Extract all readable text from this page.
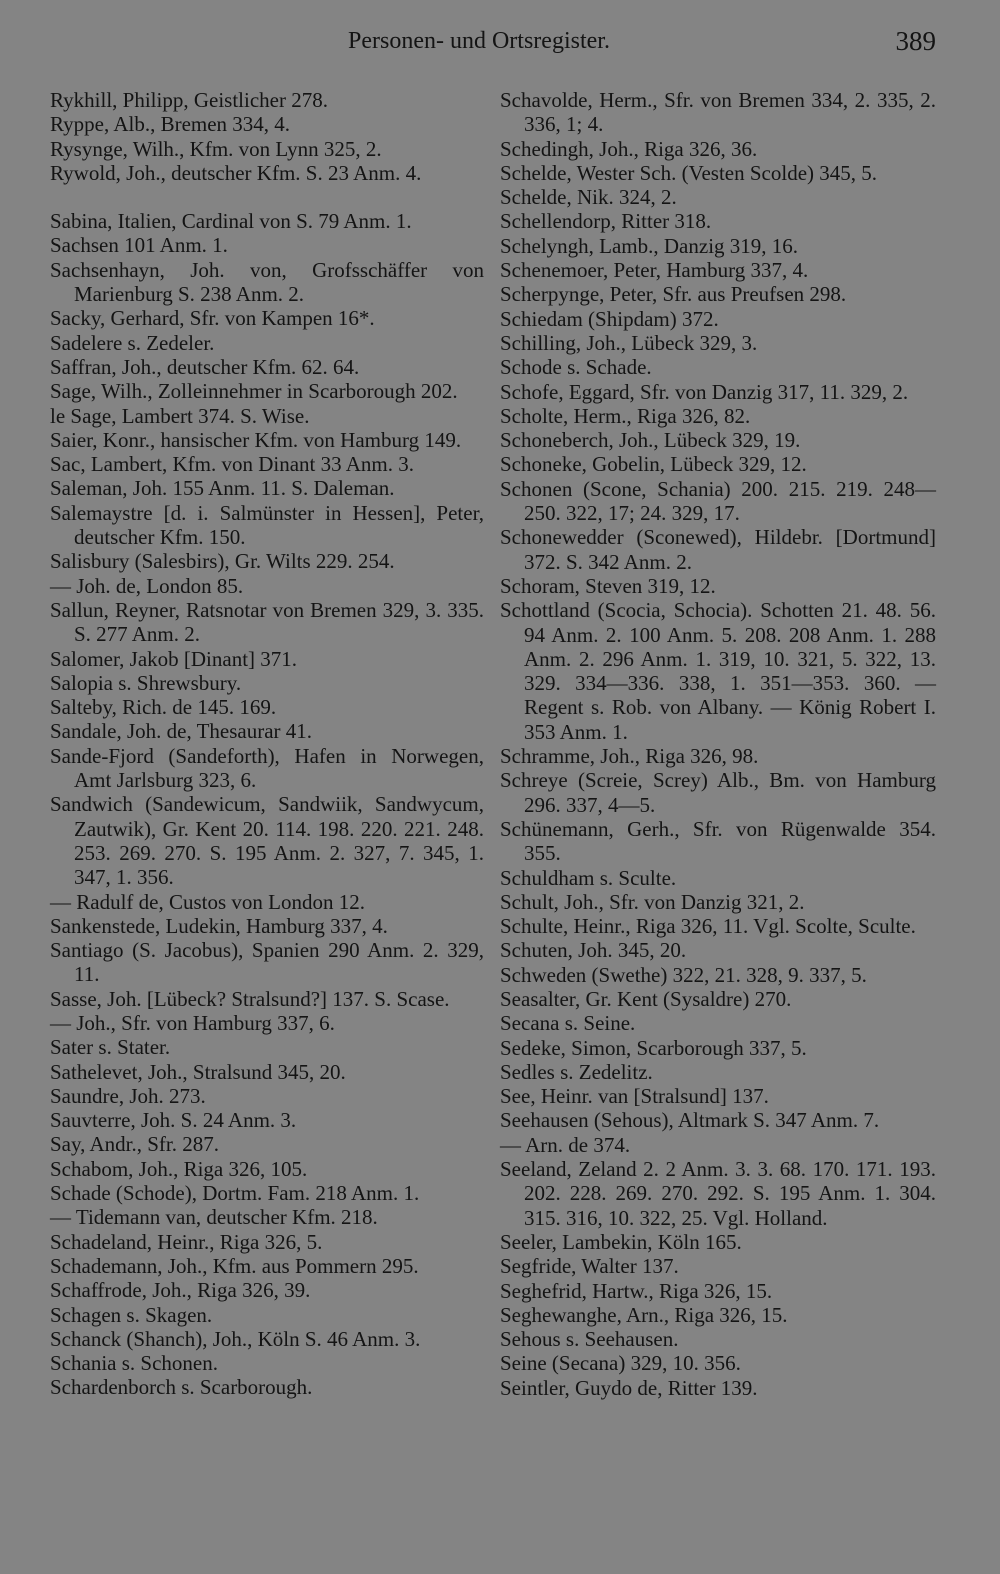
Personen- und Ortsregister.	389
Rykhill, Philipp, Geistlicher 278.
Ryppe, Alb., Bremen 334, 4.
Rysynge, Wilh., Kfm. von Lynn 325, 2.
Rywold, Joh., deutscher Kfm. S. 23 Anm. 4.
Sabina, Italien, Cardinal von S. 79 Anm. 1.
Sachsen 101 Anm. 1.
Sachsenhayn, Joh. von, Grofsschäffer von Marienburg S. 238 Anm. 2.
Sacky, Gerhard, Sfr. von Kampen 16*.
Sadelere s. Zedeler.
Saffran, Joh., deutscher Kfm. 62. 64.
Sage, Wilh., Zolleinnehmer in Scarborough 202.
le Sage, Lambert 374. S. Wise.
Saier, Konr., hansischer Kfm. von Hamburg 149.
Sac, Lambert, Kfm. von Dinant 33 Anm. 3.
Saleman, Joh. 155 Anm. 11. S. Daleman.
Salemaystre [d. i. Salmünster in Hessen], Peter, deutscher Kfm. 150.
Salisbury (Salesbirs), Gr. Wilts 229. 254.
— Joh. de, London 85.
Sallun, Reyner, Ratsnotar von Bremen 329, 3. 335. S. 277 Anm. 2.
Salomer, Jakob [Dinant] 371.
Salopia s. Shrewsbury.
Salteby, Rich. de 145. 169.
Sandale, Joh. de, Thesaurar 41.
Sande-Fjord (Sandeforth), Hafen in Norwegen, Amt Jarlsburg 323, 6.
Sandwich (Sandewicum, Sandwiik, Sandwycum, Zautwik), Gr. Kent 20. 114. 198. 220. 221. 248. 253. 269. 270. S. 195 Anm. 2. 327, 7. 345, 1. 347, 1. 356.
— Radulf de, Custos von London 12.
Sankenstede, Ludekin, Hamburg 337, 4.
Santiago (S. Jacobus), Spanien 290 Anm. 2. 329, 11.
Sasse, Joh. [Lübeck? Stralsund?] 137. S. Scase.
— Joh., Sfr. von Hamburg 337, 6.
Sater s. Stater.
Sathelevet, Joh., Stralsund 345, 20.
Saundre, Joh. 273.
Sauvterre, Joh. S. 24 Anm. 3.
Say, Andr., Sfr. 287.
Schabom, Joh., Riga 326, 105.
Schade (Schode), Dortm. Fam. 218 Anm. 1.
— Tidemann van, deutscher Kfm. 218.
Schadeland, Heinr., Riga 326, 5.
Schademann, Joh., Kfm. aus Pommern 295.
Schaffrode, Joh., Riga 326, 39.
Schagen s. Skagen.
Schanck (Shanch), Joh., Köln S. 46 Anm. 3.
Schania s. Schonen.
Schardenborch s. Scarborough.
Schavolde, Herm., Sfr. von Bremen 334, 2. 335, 2. 336, 1; 4.
Schedingh, Joh., Riga 326, 36.
Schelde, Wester Sch. (Vesten Scolde) 345, 5.
Schelde, Nik. 324, 2.
Schellendorp, Ritter 318.
Schelyngh, Lamb., Danzig 319, 16.
Schenemoer, Peter, Hamburg 337, 4.
Scherpynge, Peter, Sfr. aus Preufsen 298.
Schiedam (Shipdam) 372.
Schilling, Joh., Lübeck 329, 3.
Schode s. Schade.
Schofe, Eggard, Sfr. von Danzig 317, 11. 329, 2.
Scholte, Herm., Riga 326, 82.
Schoneberch, Joh., Lübeck 329, 19.
Schoneke, Gobelin, Lübeck 329, 12.
Schonen (Scone, Schania) 200. 215. 219. 248—250. 322, 17; 24. 329, 17.
Schonewedder (Sconewed), Hildebr. [Dortmund] 372. S. 342 Anm. 2.
Schoram, Steven 319, 12.
Schottland (Scocia, Schocia). Schotten 21. 48. 56. 94 Anm. 2. 100 Anm. 5. 208. 208 Anm. 1. 288 Anm. 2. 296 Anm. 1. 319, 10. 321, 5. 322, 13. 329. 334—336. 338, 1. 351—353. 360. — Regent s. Rob. von Albany. — König Robert I. 353 Anm. 1.
Schramme, Joh., Riga 326, 98.
Schreye (Screie, Screy) Alb., Bm. von Hamburg 296. 337, 4—5.
Schünemann, Gerh., Sfr. von Rügenwalde 354. 355.
Schuldham s. Sculte.
Schult, Joh., Sfr. von Danzig 321, 2.
Schulte, Heinr., Riga 326, 11. Vgl. Scolte, Sculte.
Schuten, Joh. 345, 20.
Schweden (Swethe) 322, 21. 328, 9. 337, 5.
Seasalter, Gr. Kent (Sysaldre) 270.
Secana s. Seine.
Sedeke, Simon, Scarborough 337, 5.
Sedles s. Zedelitz.
See, Heinr. van [Stralsund] 137.
Seehausen (Sehous), Altmark S. 347 Anm. 7.
— Arn. de 374.
Seeland, Zeland 2. 2 Anm. 3. 3. 68. 170. 171. 193. 202. 228. 269. 270. 292. S. 195 Anm. 1. 304. 315. 316, 10. 322, 25. Vgl. Holland.
Seeler, Lambekin, Köln 165.
Segfride, Walter 137.
Seghefrid, Hartw., Riga 326, 15.
Seghewanghe, Arn., Riga 326, 15.
Sehous s. Seehausen.
Seine (Secana) 329, 10. 356.
Seintler, Guydo de, Ritter 139.
